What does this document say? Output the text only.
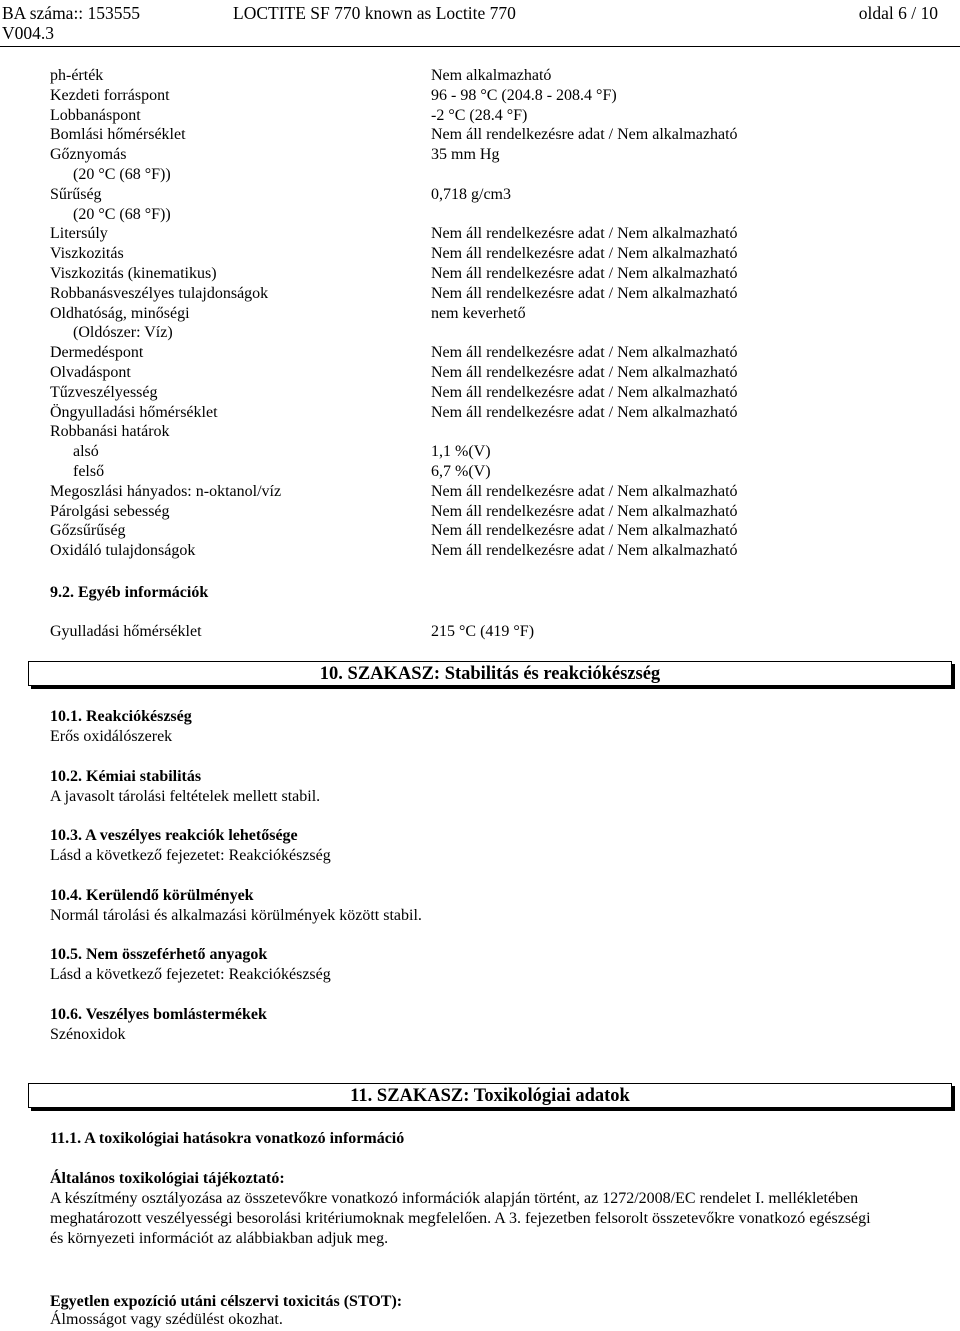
BA száma:: 153555	LOCTITE SF 770 known as Loctite 770	oldal 6 / 10
V004.3
ph-érték	Nem alkalmazható
Kezdeti forráspont	96 - 98 °C (204.8 - 208.4 °F)
Lobbanáspont	-2 °C (28.4 °F)
Bomlási hőmérséklet	Nem áll rendelkezésre adat / Nem alkalmazható
Gőznyomás	35 mm Hg
(20 °C (68 °F))
Sűrűség	0,718 g/cm3
(20 °C (68 °F))
Litersúly	Nem áll rendelkezésre adat / Nem alkalmazható
Viszkozitás	Nem áll rendelkezésre adat / Nem alkalmazható
Viszkozitás (kinematikus)	Nem áll rendelkezésre adat / Nem alkalmazható
Robbanásveszélyes tulajdonságok	Nem áll rendelkezésre adat / Nem alkalmazható
Oldhatóság, minőségi	nem keverhető
(Oldószer: Víz)
Dermedéspont	Nem áll rendelkezésre adat / Nem alkalmazható
Olvadáspont	Nem áll rendelkezésre adat / Nem alkalmazható
Tűzveszélyesség	Nem áll rendelkezésre adat / Nem alkalmazható
Öngyulladási hőmérséklet	Nem áll rendelkezésre adat / Nem alkalmazható
Robbanási határok
alsó	1,1 %(V)
felső	6,7 %(V)
Megoszlási hányados: n-oktanol/víz	Nem áll rendelkezésre adat / Nem alkalmazható
Párolgási sebesség	Nem áll rendelkezésre adat / Nem alkalmazható
Gőzsűrűség	Nem áll rendelkezésre adat / Nem alkalmazható
Oxidáló tulajdonságok	Nem áll rendelkezésre adat / Nem alkalmazható
9.2. Egyéb információk
Gyulladási hőmérséklet	215 °C (419 °F)
10. SZAKASZ: Stabilitás és reakciókészség
10.1. Reakciókészség
Erős oxidálószerek
10.2. Kémiai stabilitás
A javasolt tárolási feltételek mellett stabil.
10.3. A veszélyes reakciók lehetősége
Lásd a következő fejezetet: Reakciókészség
10.4. Kerülendő körülmények
Normál tárolási és alkalmazási körülmények között stabil.
10.5. Nem összeférhető anyagok
Lásd a következő fejezetet: Reakciókészség
10.6. Veszélyes bomlástermékek
Szénoxidok
11. SZAKASZ: Toxikológiai adatok
11.1. A toxikológiai hatásokra vonatkozó információ
Általános toxikológiai tájékoztató:
A készítmény osztályozása az összetevőkre vonatkozó információk alapján történt, az 1272/2008/EC rendelet I. mellékletében
meghatározott veszélyességi besorolási kritériumoknak megfelelően. A 3. fejezetben felsorolt összetevőkre vonatkozó egészségi
és környezeti információt az alábbiakban adjuk meg.
Egyetlen expozíció utáni célszervi toxicitás (STOT):
Álmosságot vagy szédülést okozhat.
